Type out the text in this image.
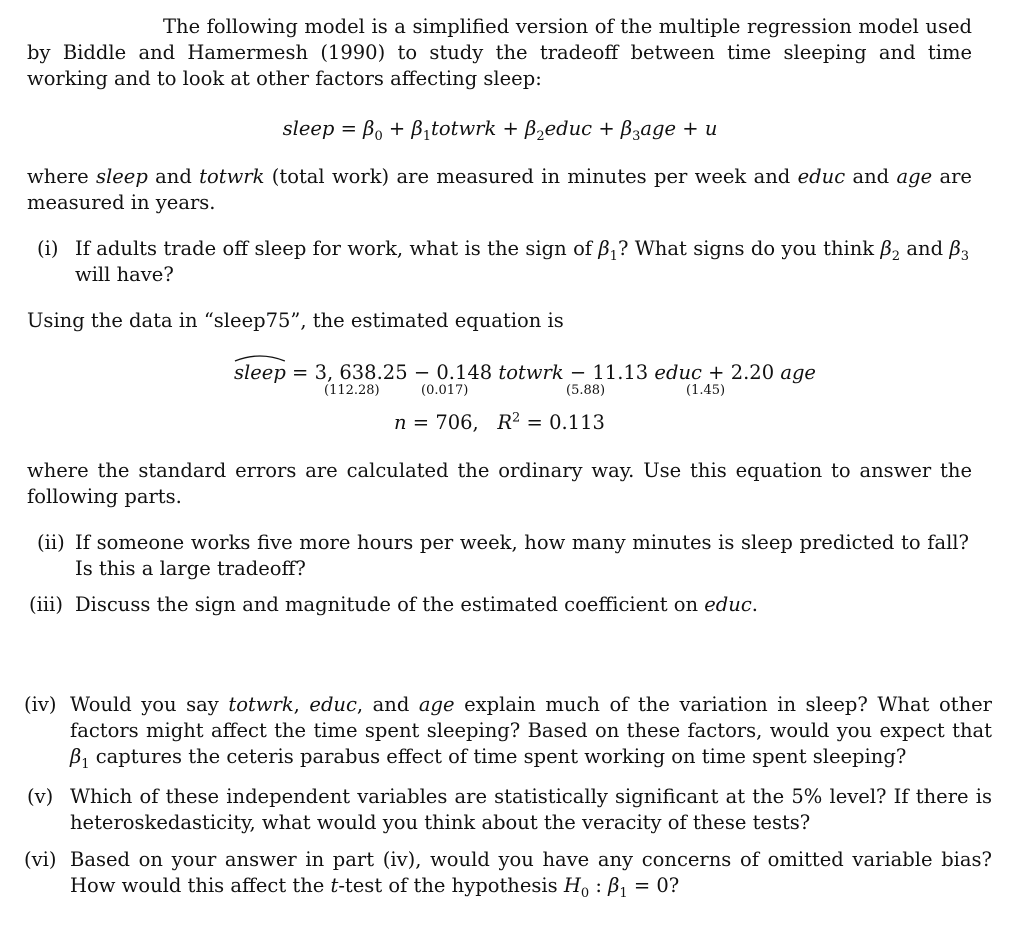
The following model is a simplified version of the multiple regression model used by Biddle and Hamermesh (1990) to study the tradeoff between time sleeping and time working and to look at other factors affecting sleep:
sleep = $\beta_0$ + $\beta_1totwrk$ + $\beta_2educ + \beta_3age + u$
where sleep and totwrk (total work) are measured in minutes per week and educ and age are measured in years.
(i) If adults trade off sleep for work, what is the sign of $\beta_1$? What signs do you think $\beta_2$ and $\beta_3$ will have?
Using the data in “sleep75”, the estimated equation is
sleep = 3, 638.25 − 0.148 totwrk − 11.13 educ + 2.20 age
(112.28)	(0.017)	(5.88)	(1.45)
n = 706, $R^2 = 0.113$
where the standard errors are calculated the ordinary way. Use this equation to answer the following parts.
(ii) If someone works five more hours per week, how many minutes is sleep predicted to fall? Is this a large tradeoff?
(iii) Discuss the sign and magnitude of the estimated coefficient on educ.
(iv) Would you say totwrk, educ, and age explain much of the variation in sleep? What other factors might affect the time spent sleeping? Based on these factors, would you expect that $\beta_1$ captures the ceteris parabus effect of time spent working on time spent sleeping?
(v) Which of these independent variables are statistically significant at the 5% level? If there is heteroskedasticity, what would you think about the veracity of these tests?
(vi) Based on your answer in part (iv), would you have any concerns of omitted variable bias? How would this affect the t-test of the hypothesis $H_0$ : $\beta_1 = 0$?
